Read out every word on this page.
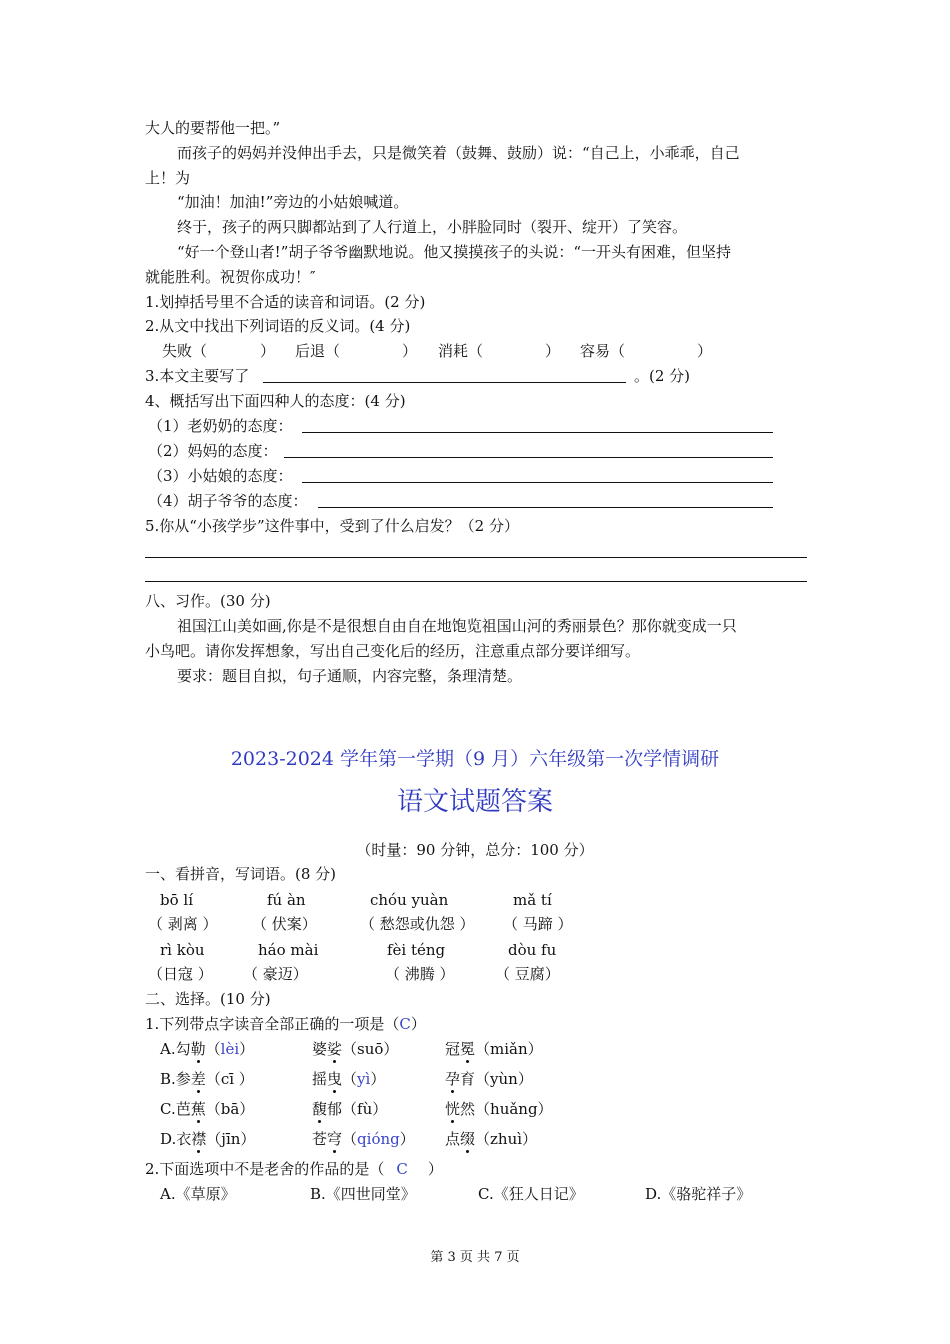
大人的要帮他一把。”
而孩子的妈妈并没伸出手去，只是微笑着（鼓舞、鼓励）说：“自己上，小乖乖，自己
上！为
“加油！加油!”旁边的小姑娘喊道。
终于，孩子的两只脚都站到了人行道上，小胖脸同时（裂开、绽开）了笑容。
“好一个登山者!”胡子爷爷幽默地说。他又摸摸孩子的头说：“一开头有困难，但坚持
就能胜利。祝贺你成功！″
1.划掉括号里不合适的读音和词语。(2 分)
2.从文中找出下列词语的反义词。(4 分)
失败（	） 后退（	） 消耗（	） 容易（	）
3.本文主要写了	。(2 分)
4、概括写出下面四种人的态度：(4 分)
（1）老奶奶的态度：
（2）妈妈的态度：
（3）小姑娘的态度：
（4）胡子爷爷的态度：
5.你从“小孩学步”这件事中，受到了什么启发？（2 分）
八、习作。(30 分)
祖国江山美如画,你是不是很想自由自在地饱览祖国山河的秀丽景色？那你就变成一只
小鸟吧。请你发挥想象，写出自己变化后的经历，注意重点部分要详细写。
要求：题目自拟，句子通顺，内容完整，条理清楚。
2023-2024 学年第一学期（9 月）六年级第一次学情调研
语文试题答案
（时量：90 分钟，总分：100 分）
一、看拼音，写词语。(8 分)
bō lí	fú àn	chóu yuàn	mǎ tí
（ 剥离 ） （ 伏案）	（ 愁怨或仇怨 ） （ 马蹄 ）
rì kòu	háo mài	fèi téng	dòu fu
（日寇 ） （ 豪迈）	（ 沸腾 ）	（ 豆腐）
二、选择。(10 分)
1.下列带点字读音全部正确的一项是（C）
A.勾勒（lèi）	婆娑（suō）	冠冕（miǎn）
B.参差（cī ）	摇曳（yì）	孕育（yùn）
C.芭蕉（bā）	馥郁（fù）	恍然（huǎng）
D.衣襟（jīn）	苍穹（qióng） 点缀（zhuì）
2.下面选项中不是老舍的作品的是（ C ）
A.《草原》	B.《四世同堂》	C.《狂人日记》	D.《骆驼祥子》
第 3 页 共 7 页
